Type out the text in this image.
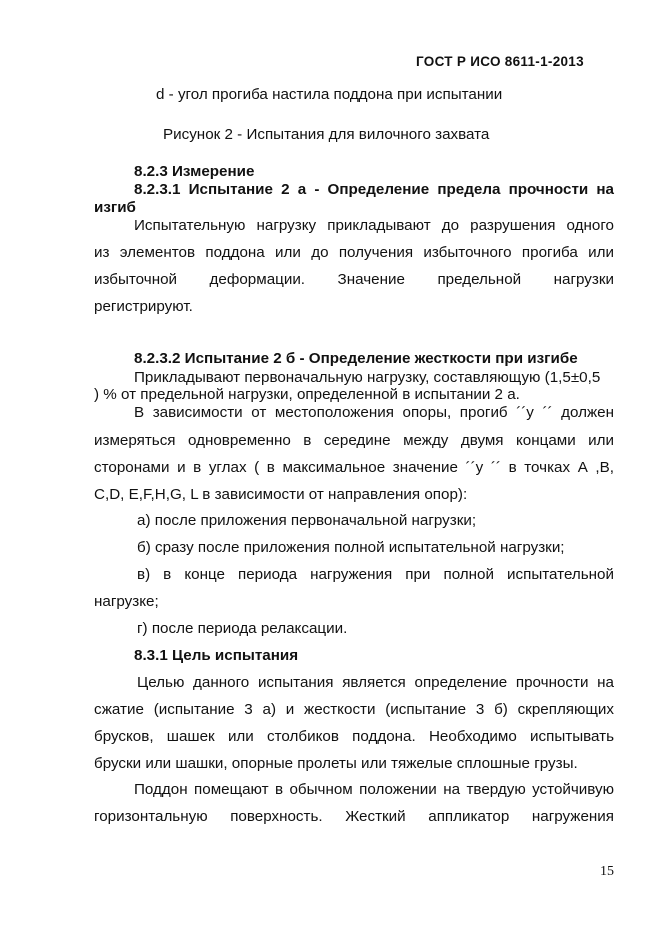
ГОСТ Р ИСО 8611-1-2013
d - угол прогиба настила поддона при испытании
Рисунок 2 - Испытания для вилочного захвата
8.2.3 Измерение
8.2.3.1 Испытание 2 а - Определение предела прочности на
изгиб
Испытательную нагрузку прикладывают до разрушения одного
из элементов поддона или до получения избыточного прогиба или
избыточной деформации. Значение предельной нагрузки
регистрируют.
8.2.3.2 Испытание 2 б - Определение жесткости при изгибе
Прикладывают первоначальную нагрузку, составляющую (1,5±0,5
) % от предельной нагрузки, определенной в испытании 2 а.
В зависимости от местоположения опоры, прогиб ´´у ´´ должен
измеряться одновременно в середине между двумя концами или
сторонами и в углах ( в максимальное значение ´´у ´´ в точках А ,В,
C,D, E,F,H,G, L в зависимости от направления опор):
а) после приложения первоначальной нагрузки;
б) сразу после приложения полной испытательной нагрузки;
в) в конце периода нагружения при полной испытательной
нагрузке;
г) после периода релаксации.
8.3.1 Цель испытания
Целью данного испытания является определение прочности на
сжатие (испытание 3 а) и жесткости (испытание 3 б) скрепляющих
брусков, шашек или столбиков поддона. Необходимо испытывать
бруски или шашки, опорные пролеты или тяжелые сплошные грузы.
Поддон помещают в обычном положении на твердую устойчивую
горизонтальную поверхность. Жесткий аппликатор нагружения
15
